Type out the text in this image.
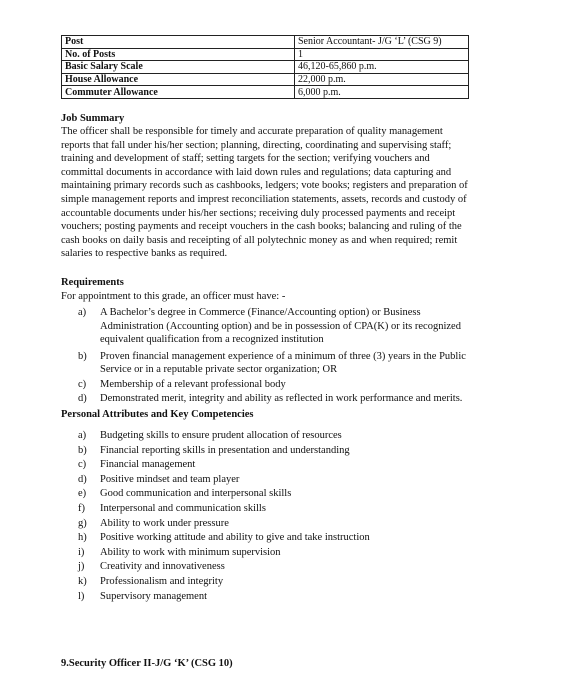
Post	Senior Accountant- J/G ‘L’ (CSG 9)
No. of Posts	1
Basic Salary Scale	46,120-65,860 p.m.
House Allowance	22,000 p.m.
Commuter Allowance	6,000 p.m.
Job Summary
The officer shall be responsible for timely and accurate preparation of quality management
reports that fall under his/her section; planning, directing, coordinating and supervising staff;
training and development of staff; setting targets for the section; verifying vouchers and
committal documents in accordance with laid down rules and regulations; data capturing and
maintaining primary records such as cashbooks, ledgers; vote books; registers and preparation of
simple management reports and imprest reconciliation statements, assets, records and custody of
accountable documents under his/her sections; receiving duly processed payments and receipt
vouchers; posting payments and receipt vouchers in the cash books; balancing and ruling of the
cash books on daily basis and receipting of all polytechnic money as and when required; remit
salaries to respective banks as required.
Requirements
For appointment to this grade, an officer must have: -
a) A Bachelor’s degree in Commerce (Finance/Accounting option) or Business
Administration (Accounting option) and be in possession of CPA(K) or its recognized
equivalent qualification from a recognized institution
b) Proven financial management experience of a minimum of three (3) years in the Public
Service or in a reputable private sector organization; OR
c) Membership of a relevant professional body
d) Demonstrated merit, integrity and ability as reflected in work performance and merits.
Personal Attributes and Key Competencies
a) Budgeting skills to ensure prudent allocation of resources
b) Financial reporting skills in presentation and understanding
c) Financial management
d) Positive mindset and team player
e) Good communication and interpersonal skills
f) Interpersonal and communication skills
g) Ability to work under pressure
h) Positive working attitude and ability to give and take instruction
i) Ability to work with minimum supervision
j) Creativity and innovativeness
k) Professionalism and integrity
l) Supervisory management
9.Security Officer II-J/G ‘K’ (CSG 10)
